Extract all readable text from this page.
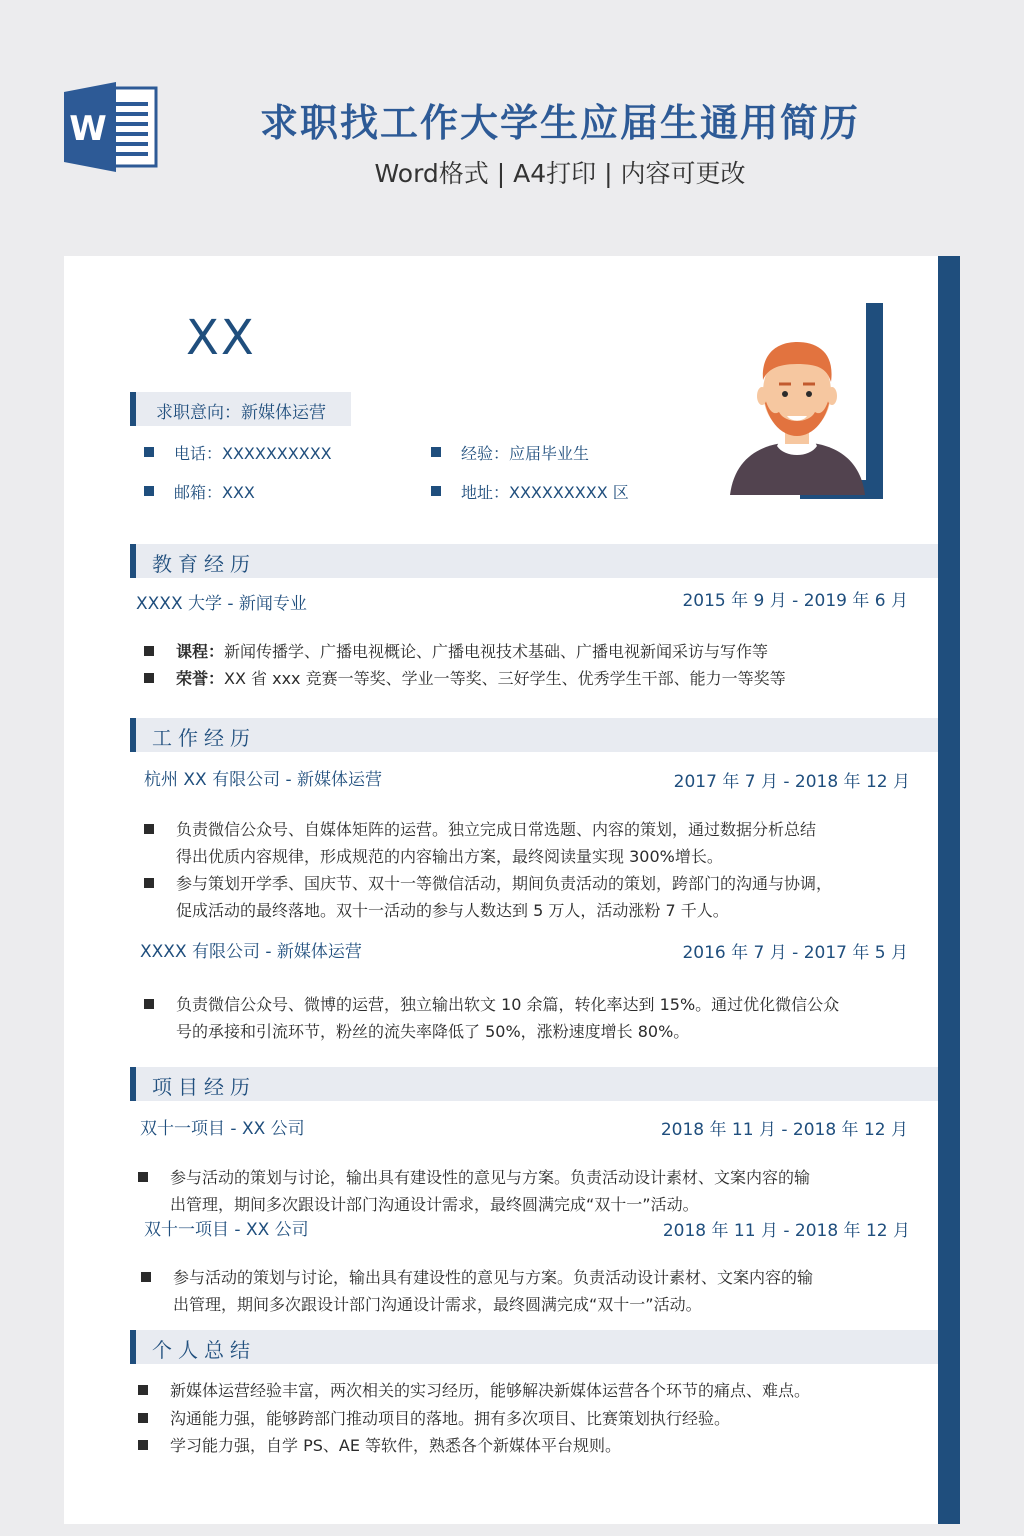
W	求职找工作大学生应届生通用简历
Word格式 | A4打印 | 内容可更改
XX
求职意向：新媒体运营
电话：XXXXXXXXXX	经验：应届毕业生
邮箱：XXX	地址：XXXXXXXXX 区
教育经历
XXXX 大学 - 新闻专业	2015 年 9 月 - 2019 年 6 月
课程：新闻传播学、广播电视概论、广播电视技术基础、广播电视新闻采访与写作等
荣誉：XX 省 xxx 竞赛一等奖、学业一等奖、三好学生、优秀学生干部、能力一等奖等
工作经历
杭州 XX 有限公司 - 新媒体运营	2017 年 7 月 - 2018 年 12 月
负责微信公众号、自媒体矩阵的运营。独立完成日常选题、内容的策划，通过数据分析总结
得出优质内容规律，形成规范的内容输出方案，最终阅读量实现 300%增长。
参与策划开学季、国庆节、双十一等微信活动，期间负责活动的策划，跨部门的沟通与协调，
促成活动的最终落地。双十一活动的参与人数达到 5 万人，活动涨粉 7 千人。
XXXX 有限公司 - 新媒体运营	2016 年 7 月 - 2017 年 5 月
负责微信公众号、微博的运营，独立输出软文 10 余篇，转化率达到 15%。通过优化微信公众
号的承接和引流环节，粉丝的流失率降低了 50%，涨粉速度增长 80%。
项目经历
双十一项目 - XX 公司	2018 年 11 月 - 2018 年 12 月
参与活动的策划与讨论，输出具有建设性的意见与方案。负责活动设计素材、文案内容的输
出管理，期间多次跟设计部门沟通设计需求，最终圆满完成“双十一”活动。
双十一项目 - XX 公司	2018 年 11 月 - 2018 年 12 月
参与活动的策划与讨论，输出具有建设性的意见与方案。负责活动设计素材、文案内容的输
出管理，期间多次跟设计部门沟通设计需求，最终圆满完成“双十一”活动。
个人总结
新媒体运营经验丰富，两次相关的实习经历，能够解决新媒体运营各个环节的痛点、难点。
沟通能力强，能够跨部门推动项目的落地。拥有多次项目、比赛策划执行经验。
学习能力强，自学 PS、AE 等软件，熟悉各个新媒体平台规则。
